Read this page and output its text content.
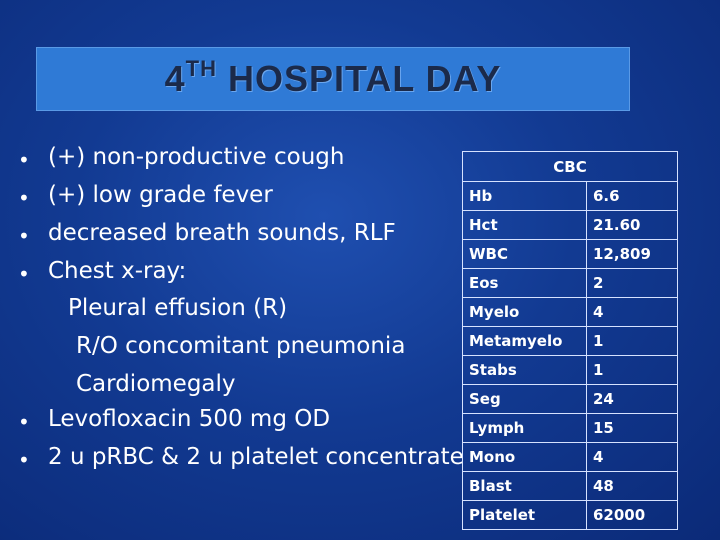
4TH HOSPITAL DAY
• (+) non-productive cough
• (+) low grade fever
• decreased breath sounds, RLF
• Chest x-ray:
Pleural effusion (R)
R/O concomitant pneumonia
Cardiomegaly
• Levofloxacin 500 mg OD
• 2 u pRBC & 2 u platelet concentrate
CBC	
Hb	6.6
Hct	21.60
WBC	12,809
Eos	2
Myelo	4
Metamyelo	1
Stabs	1
Seg	24
Lymph	15
Mono	4
Blast	48
Platelet	62000
